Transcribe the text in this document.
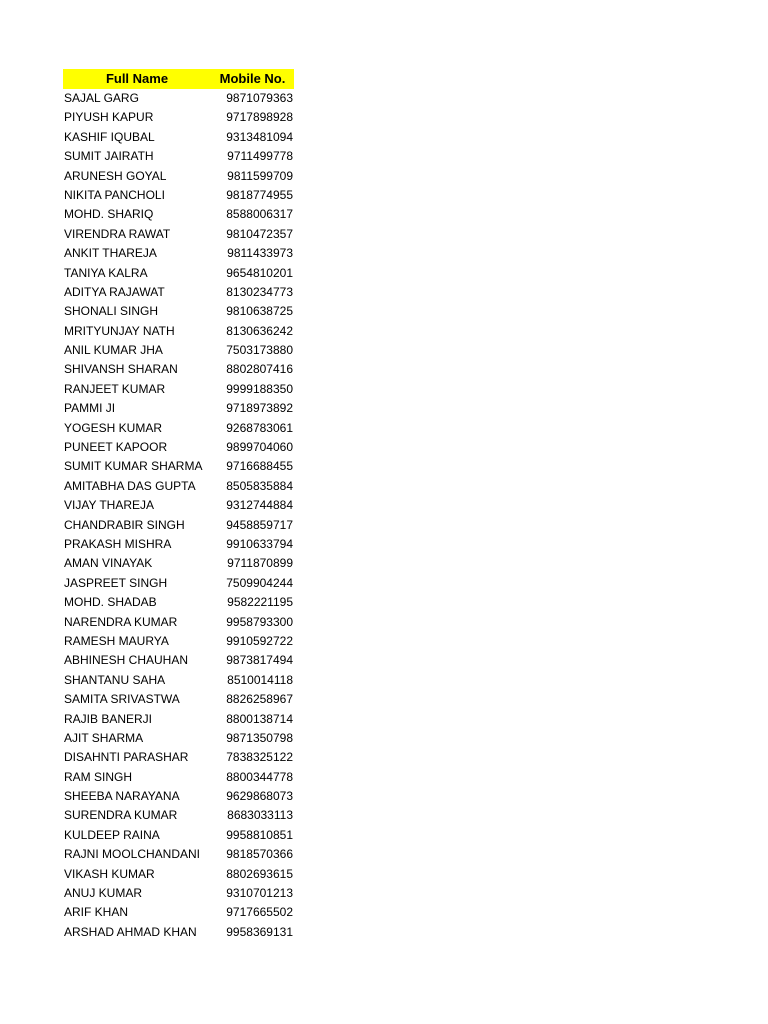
Full Name	Mobile No.
SAJAL GARG	9871079363
PIYUSH KAPUR	9717898928
KASHIF IQUBAL	9313481094
SUMIT JAIRATH	9711499778
ARUNESH GOYAL	9811599709
NIKITA PANCHOLI	9818774955
MOHD. SHARIQ	8588006317
VIRENDRA RAWAT	9810472357
ANKIT THAREJA	9811433973
TANIYA KALRA	9654810201
ADITYA RAJAWAT	8130234773
SHONALI SINGH	9810638725
MRITYUNJAY NATH	8130636242
ANIL KUMAR JHA	7503173880
SHIVANSH SHARAN	8802807416
RANJEET KUMAR	9999188350
PAMMI JI	9718973892
YOGESH KUMAR	9268783061
PUNEET KAPOOR	9899704060
SUMIT KUMAR SHARMA	9716688455
AMITABHA DAS GUPTA	8505835884
VIJAY THAREJA	9312744884
CHANDRABIR SINGH	9458859717
PRAKASH MISHRA	9910633794
AMAN VINAYAK	9711870899
JASPREET SINGH	7509904244
MOHD. SHADAB	9582221195
NARENDRA KUMAR	9958793300
RAMESH MAURYA	9910592722
ABHINESH CHAUHAN	9873817494
SHANTANU SAHA	8510014118
SAMITA SRIVASTWA	8826258967
RAJIB BANERJI	8800138714
AJIT SHARMA	9871350798
DISAHNTI PARASHAR	7838325122
RAM SINGH	8800344778
SHEEBA NARAYANA	9629868073
SURENDRA KUMAR	8683033113
KULDEEP RAINA	9958810851
RAJNI MOOLCHANDANI	9818570366
VIKASH KUMAR	8802693615
ANUJ KUMAR	9310701213
ARIF KHAN	9717665502
ARSHAD AHMAD KHAN	9958369131
